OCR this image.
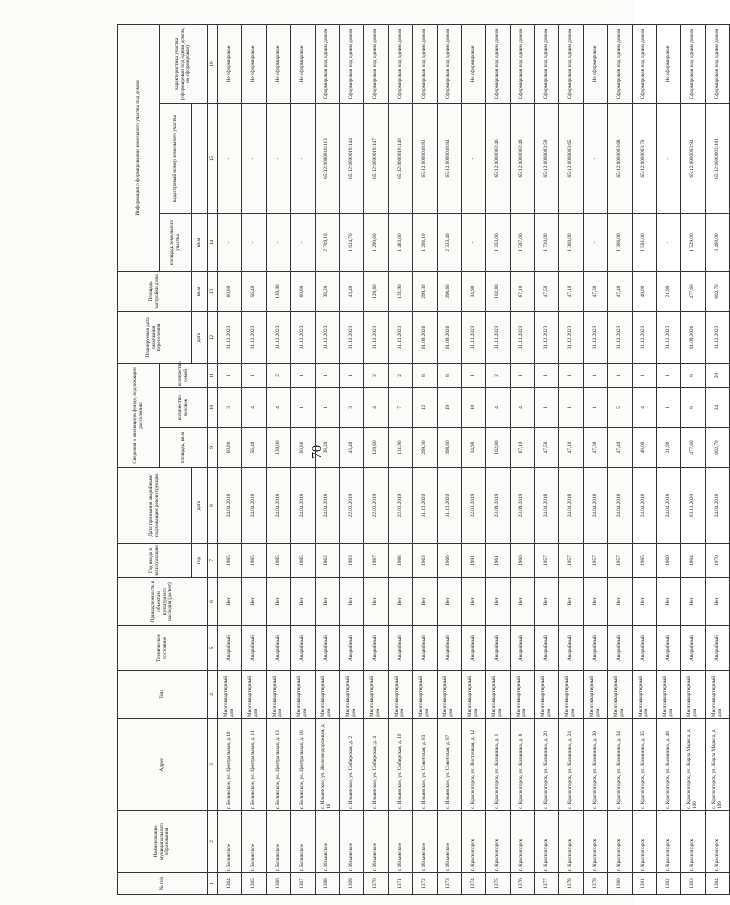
70
№ п/п	Наименование муниципального образования	Адрес	Тип	Техническое состояние	Принадлежность к объектам культурного наследия (да/нет)	Год ввода в эксплуатацию	Дата признания аварийным/подлежащим реконструкции	Сведения о жилищном фонде, подлежащем расселению			Планируемая дата окончания переселения	Площадь застройки дома	Информация о формировании земельного участка под домом		
								площадь, кв.м	количество человек	количество семей			площадь земельного участка	кадастровый номер земельного участка	характеристика участка (сформирован под одним домом, не сформирован)
						год	дата				дата	кв.м	кв.м		
1	2	3	4	5	6	7	8	9	10	11	12	13	14	15	16
1364	г. Белинское	г. Белинское, ул. Центральная, д.10	Многоквартирный дом	Аварийный	Нет	1985	24.04.2018	60,80	3	1	31.12.2023	60,80	-	-	Не сформирован
1365	г. Белинское	г. Белинское, ул. Центральная, д. 11	Многоквартирный дом	Аварийный	Нет	1985	24.04.2018	56,40	4	1	31.12.2023	56,40	-	-	Не сформирован
1366	г. Белинское	г. Белинское, ул. Центральная, д. 13	Многоквартирный дом	Аварийный	Нет	1985	24.04.2018	130,00	4	2	31.12.2023	130,00	-	-	Не сформирован
1367	г. Белинское	г. Белинское, ул. Центральная, д. 18	Многоквартирный дом	Аварийный	Нет	1985	24.04.2018	60,80	1	1	31.12.2023	60,80	-	-	Не сформирован
1368	г. Ильинское	с. Ильинское, ул. Железнодорожная, д. 16	Многоквартирный дом	Аварийный	Нет	1962	24.04.2018	38,20	1	1	31.12.2023	38,20	2 709,10	65:12:0000018:113	Сформирован под одним домом
1369	г. Ильинское	с. Ильинское, ул. Сибирская, д. 2	Многоквартирный дом	Аварийный	Нет	1983	22.03.2019	43,40	3	1	31.12.2023	43,40	1 624,70	65:12:0000018:144	Сформирован под одним домом
1370	г. Ильинское	с. Ильинское, ул. Сибирская, д. 4	Многоквартирный дом	Аварийный	Нет	1987	22.03.2019	129,60	4	2	31.12.2023	129,60	1 290,60	65:12:0000018:147	Сформирован под одним домом
1371	г. Ильинское	с. Ильинское, ул. Сибирская, д. 10	Многоквартирный дом	Аварийный	Нет	1988	22.03.2019	131,90	7	2	31.12.2023	131,90	1 483,60	65:12:0000018:148	Сформирован под одним домом
1372	г. Ильинское	с. Ильинское, ул. Советская, д. 83	Многоквартирный дом	Аварийный	Нет	1963	31.12.2020	299,30	12	8	01.09.2026	299,30	1 206,10	65:12:0000018:83	Сформирован под одним домом
1373	г. Ильинское	с. Ильинское, ул. Советская, д. 87	Многоквартирный дом	Аварийный	Нет	1966	31.12.2020	398,60	19	8	01.09.2026	398,60	2 333,40	65:12:0000018:84	Сформирован под одним домом
1374	г. Красногорск	с. Красногорск, ул. Восточная, д. 12	Многоквартирный дом	Аварийный	Нет	1991	22.03.2019	34,90	10	1	31.12.2023	34,90	-	-	Не сформирован
1375	г. Красногорск	с. Красногорск, ул. Калинина, д. 1	Многоквартирный дом	Аварийный	Нет	1961	23.09.2019	102,80	4	2	31.12.2023	102,80	1 333,00	65:12:0000003:46	Сформирован под одним домом
1376	г. Красногорск	с. Красногорск, ул. Калинина, д. 6	Многоквартирный дом	Аварийный	Нет	1960	23.09.2019	67,10	4	1	31.12.2023	67,10	1 597,00	65:12:0000003:49	Сформирован под одним домом
1377	г. Красногорск	с. Красногорск, ул. Калинина, д. 20	Многоквартирный дом	Аварийный	Нет	1957	24.04.2018	47,50	1	1	31.12.2023	47,50	1 730,00	65:12:0000003:59	Сформирован под одним домом
1378	г. Красногорск	с. Красногорск, ул. Калинина, д. 24	Многоквартирный дом	Аварийный	Нет	1957	24.04.2018	47,10	1	1	31.12.2023	47,10	1 360,00	65:12:0000003:65	Сформирован под одним домом
1379	г. Красногорск	с. Красногорск, ул. Калинина, д. 30	Многоквартирный дом	Аварийный	Нет	1957	24.04.2018	47,30	1	1	31.12.2023	47,30	-	-	Не сформирован
1380	г. Красногорск	с. Красногорск, ул. Калинина, д. 34	Многоквартирный дом	Аварийный	Нет	1957	24.04.2018	47,40	5	1	31.12.2023	47,40	1 306,00	65:12:0000003:68	Сформирован под одним домом
1381	г. Красногорск	с. Красногорск, ул. Калинина, д. 35	Многоквартирный дом	Аварийный	Нет	1985	24.04.2018	48,00	4	1	31.12.2023	48,00	1 591,00	65:12:0000003:70	Сформирован под одним домом
1382	г. Красногорск	с. Красногорск, ул. Калинина, д. 48	Многоквартирный дом	Аварийный	Нет	1960	24.04.2018	21,90	1	1	31.12.2023	21,90	-	-	Не сформирован
1383	г. Красногорск	с. Красногорск, ул. Карла Маркса, д. 100	Многоквартирный дом	Аварийный	Нет	1984	03.11.2020	477,60	8	8	01.09.2026	477,60	1 529,00	65:12:0000003:94	Сформирован под одним домом
1384	г. Красногорск	с. Красногорск, ул. Карла Маркса, д. 109	Многоквартирный дом	Аварийный	Нет	1970	24.04.2018	802,70	34	20	31.12.2023	802,70	3 490,00	65:12:0000003:101	Сформирован под одним домом
